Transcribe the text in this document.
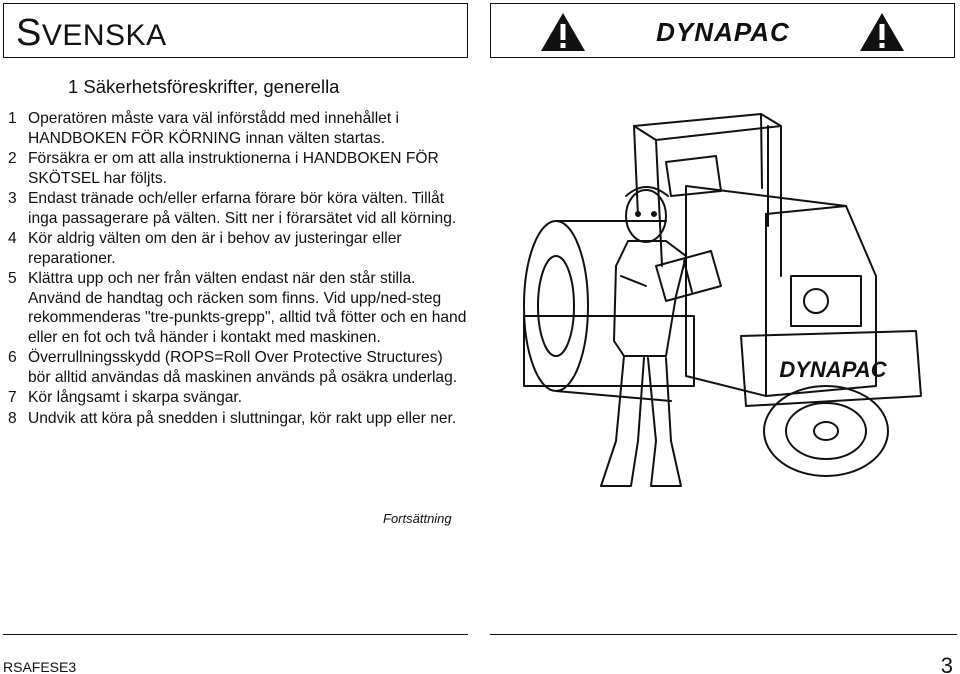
SVENSKA	DYNAPAC
1 Säkerhetsföreskrifter, generella
1 Operatören måste vara väl införstådd med innehållet i HANDBOKEN FÖR KÖRNING innan välten startas.
2 Försäkra er om att alla instruktionerna i HANDBOKEN FÖR SKÖTSEL har följts.
3 Endast tränade och/eller erfarna förare bör köra välten. Tillåt inga passagerare på välten. Sitt ner i förarsätet vid all körning.
4 Kör aldrig välten om den är i behov av justeringar eller reparationer.
5 Klättra upp och ner från välten endast när den står stilla. Använd de handtag och räcken som finns. Vid upp/ned-steg rekommenderas "tre-punkts-grepp", alltid två fötter och en hand eller en fot och två händer i kontakt med maskinen.
6 Överrullningsskydd (ROPS=Roll Over Protective Structures) bör alltid användas då maskinen används på osäkra underlag.
7 Kör långsamt i skarpa svängar.
8 Undvik att köra på snedden i sluttningar, kör rakt upp eller ner.
Fortsättning
DYNAPAC
RSAFESE3	3
